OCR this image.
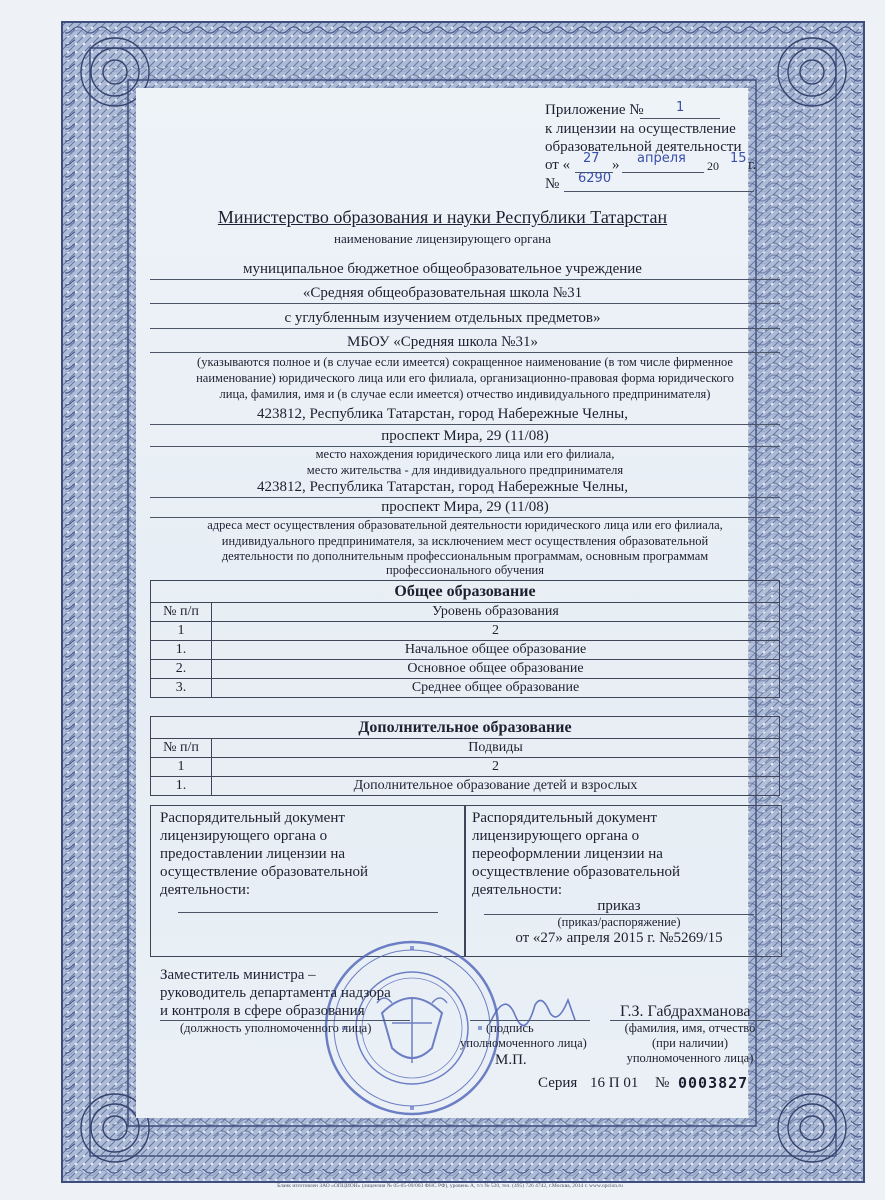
Приложение № 1
к лицензии на осуществление
образовательной деятельности
от « 27 » апреля 20 15 г.
№ 6290
Министерство образования и науки Республики Татарстан
наименование лицензирующего органа
муниципальное бюджетное общеобразовательное учреждение
«Средняя общеобразовательная школа №31
с углубленным изучением отдельных предметов»
МБОУ «Средняя школа №31»
(указываются полное и (в случае если имеется) сокращенное наименование (в том числе фирменное
наименование) юридического лица или его филиала, организационно-правовая форма юридического
лица, фамилия, имя и (в случае если имеется) отчество индивидуального предпринимателя)
423812, Республика Татарстан, город Набережные Челны,
проспект Мира, 29 (11/08)
место нахождения юридического лица или его филиала,
место жительства - для индивидуального предпринимателя
423812, Республика Татарстан, город Набережные Челны,
проспект Мира, 29 (11/08)
адреса мест осуществления образовательной деятельности юридического лица или его филиала,
индивидуального предпринимателя, за исключением мест осуществления образовательной
деятельности по дополнительным профессиональным программам, основным программам
профессионального обучения
Общее образование	
№ п/п	Уровень образования
1	2
1.	Начальное общее образование
2.	Основное общее образование
3.	Среднее общее образование
Дополнительное образование	
№ п/п	Подвиды
1	2
1.	Дополнительное образование детей и взрослых
Распорядительный документ
лицензирующего органа о
предоставлении лицензии на
осуществление образовательной
деятельности:
Распорядительный документ
лицензирующего органа о
переоформлении лицензии на
осуществление образовательной
деятельности:
приказ
(приказ/распоряжение)
от «27» апреля 2015 г. №5269/15
Заместитель министра –
руководитель департамента надзора
и контроля в сфере образования
(должность уполномоченного лица)	(подпись
уполномоченного лица)
М.П.
Г.З. Габдрахманова
(фамилия, имя, отчество
(при наличии)
уполномоченного лица)
Серия 16 П 01 № 0003827
Бланк изготовлен ЗАО «ОПЦИОН» (лицензия № 05-05-09/003 ФНС РФ), уровень А, т/з № 520, тел. (495) 726 4742, г.Москва, 2014 г. www.opcion.ru
